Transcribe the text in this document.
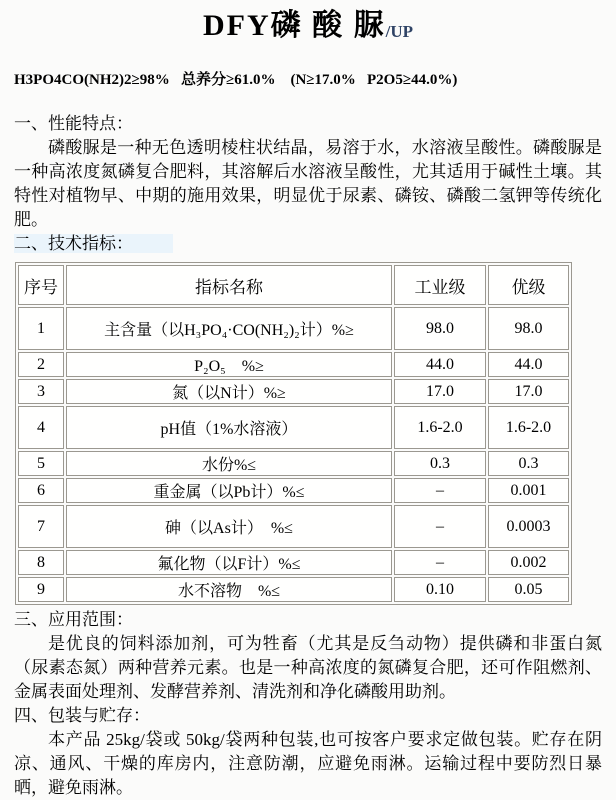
DFY磷 酸 脲/UP

H3PO4CO(NH2)2≥98%   总养分≥61.0%    (N≥17.0%   P2O5≥44.0%)

一、性能特点：

磷酸脲是一种无色透明棱柱状结晶，易溶于水，水溶液呈酸性。磷酸脲是一种高浓度氮磷复合肥料，其溶解后水溶液呈酸性，尤其适用于碱性土壤。其特性对植物早、中期的施用效果，明显优于尿素、磷铵、磷酸二氢钾等传统化肥。

二、技术指标：

序号	指标名称	工业级	优级
1	主含量（以H₃PO₄·CO(NH₂)₂计）%≥	98.0	98.0
2	P₂O₅　%≥	44.0	44.0
3	氮（以N计）%≥	17.0	17.0
4	pH值（1%水溶液）	1.6-2.0	1.6-2.0
5	水份%≤	0.3	0.3
6	重金属（以Pb计）%≤	–	0.001
7	砷（以As计）　%≤	–	0.0003
8	氟化物（以F计）%≤	–	0.002
9	水不溶物　%≤	0.10	0.05

三、应用范围：

是优良的饲料添加剂，可为牲畜（尤其是反刍动物）提供磷和非蛋白氮（尿素态氮）两种营养元素。也是一种高浓度的氮磷复合肥，还可作阻燃剂、金属表面处理剂、发酵营养剂、清洗剂和净化磷酸用助剂。

四、包装与贮存：

本产品 25kg/袋或 50kg/袋两种包装,也可按客户要求定做包装。贮存在阴凉、通风、干燥的库房内，注意防潮，应避免雨淋。运输过程中要防烈日暴晒，避免雨淋。
